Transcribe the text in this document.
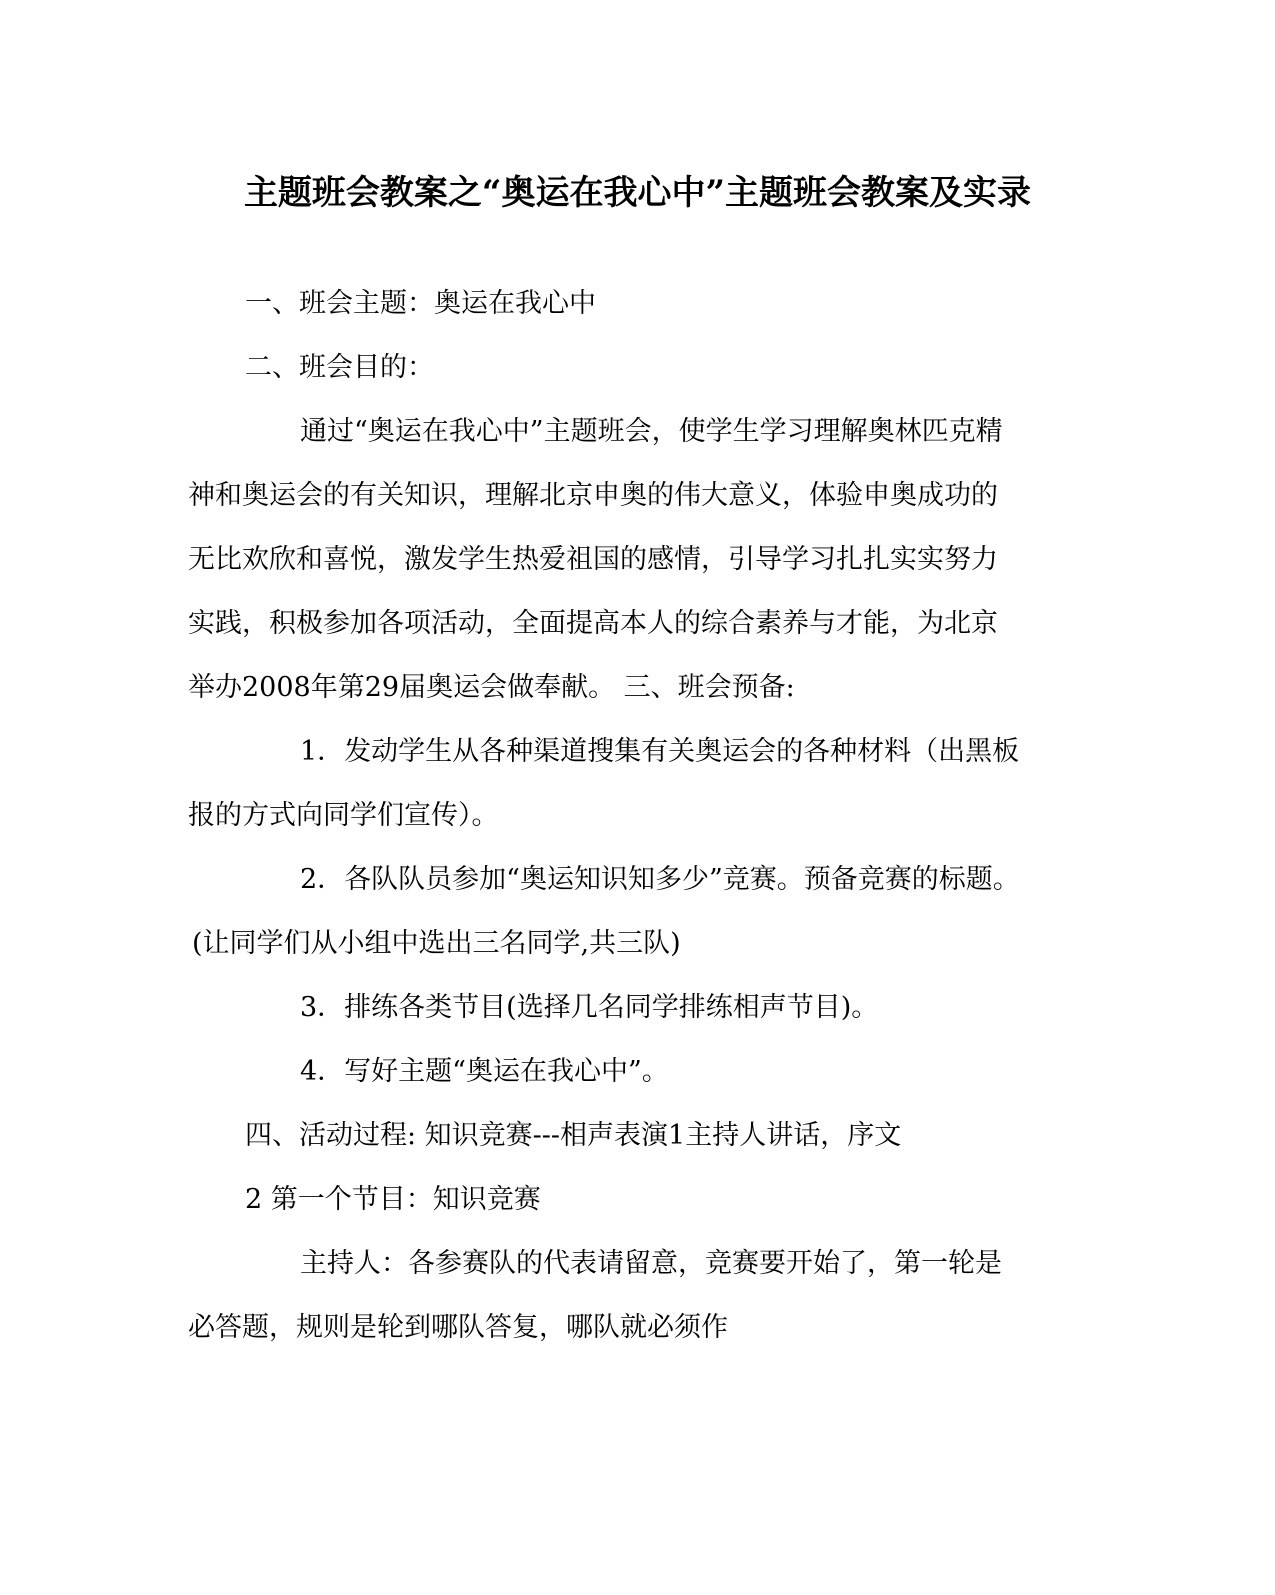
主题班会教案之“奥运在我心中”主题班会教案及实录
一、班会主题：奥运在我心中
二、班会目的：
通过“奥运在我心中”主题班会，使学生学习理解奥林匹克精
神和奥运会的有关知识，理解北京申奥的伟大意义，体验申奥成功的
无比欢欣和喜悦，激发学生热爱祖国的感情，引导学习扎扎实实努力
实践，积极参加各项活动，全面提高本人的综合素养与才能，为北京
举办2008年第29届奥运会做奉献。 三、班会预备:
1．发动学生从各种渠道搜集有关奥运会的各种材料（出黑板
报的方式向同学们宣传）。
2．各队队员参加“奥运知识知多少”竞赛。预备竞赛的标题。
(让同学们从小组中选出三名同学,共三队)
3．排练各类节目(选择几名同学排练相声节目)。
4．写好主题“奥运在我心中”。
四、活动过程: 知识竞赛---相声表演1主持人讲话，序文
2 第一个节目：知识竞赛
主持人：各参赛队的代表请留意，竞赛要开始了，第一轮是
必答题，规则是轮到哪队答复，哪队就必须作
